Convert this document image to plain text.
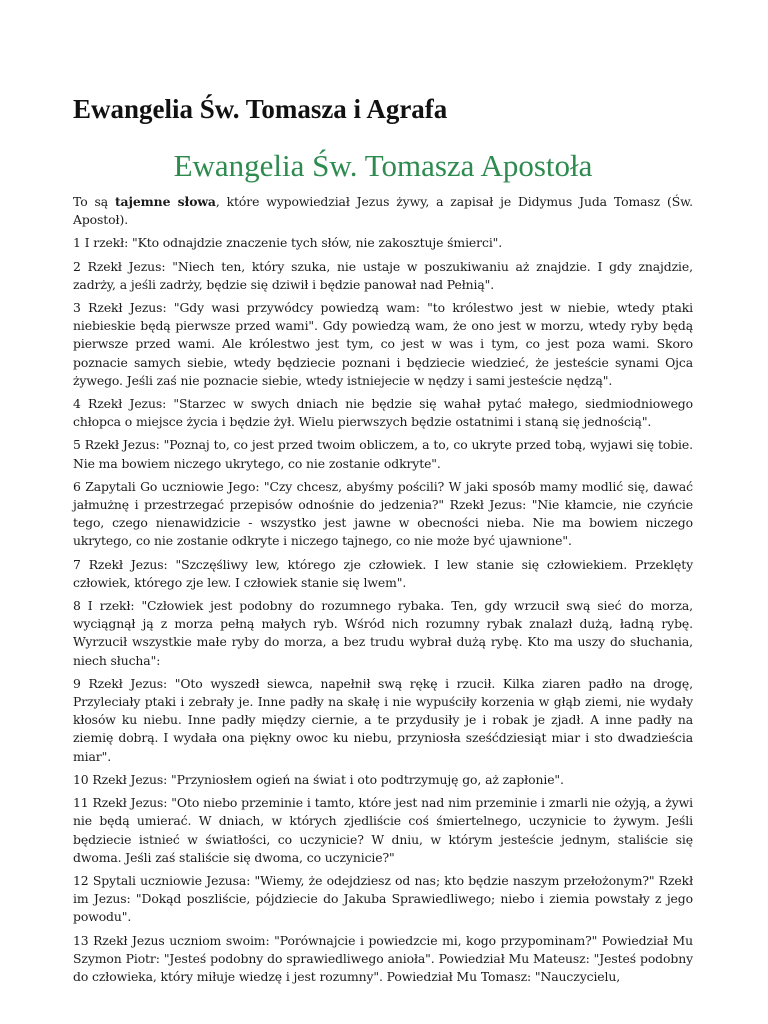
Ewangelia Św. Tomasza i Agrafa
Ewangelia Św. Tomasza Apostoła

To są tajemne słowa, które wypowiedział Jezus żywy, a zapisał je Didymus Juda Tomasz (Św. Apostoł).

1 I rzekł: "Kto odnajdzie znaczenie tych słów, nie zakosztuje śmierci".

2 Rzekł Jezus: "Niech ten, który szuka, nie ustaje w poszukiwaniu aż znajdzie. I gdy znajdzie, zadrży, a jeśli zadrży, będzie się dziwił i będzie panował nad Pełnią".

3 Rzekł Jezus: "Gdy wasi przywódcy powiedzą wam: "to królestwo jest w niebie, wtedy ptaki niebieskie będą pierwsze przed wami". Gdy powiedzą wam, że ono jest w morzu, wtedy ryby będą pierwsze przed wami. Ale królestwo jest tym, co jest w was i tym, co jest poza wami. Skoro poznacie samych siebie, wtedy będziecie poznani i będziecie wiedzieć, że jesteście synami Ojca żywego. Jeśli zaś nie poznacie siebie, wtedy istniejecie w nędzy i sami jesteście nędzą".

4 Rzekł Jezus: "Starzec w swych dniach nie będzie się wahał pytać małego, siedmiodniowego chłopca o miejsce życia i będzie żył. Wielu pierwszych będzie ostatnimi i staną się jednością".

5 Rzekł Jezus: "Poznaj to, co jest przed twoim obliczem, a to, co ukryte przed tobą, wyjawi się tobie. Nie ma bowiem niczego ukrytego, co nie zostanie odkryte".

6 Zapytali Go uczniowie Jego: "Czy chcesz, abyśmy pościli? W jaki sposób mamy modlić się, dawać jałmużnę i przestrzegać przepisów odnośnie do jedzenia?" Rzekł Jezus: "Nie kłamcie, nie czyńcie tego, czego nienawidzicie - wszystko jest jawne w obecności nieba. Nie ma bowiem niczego ukrytego, co nie zostanie odkryte i niczego tajnego, co nie może być ujawnione".

7 Rzekł Jezus: "Szczęśliwy lew, którego zje człowiek. I lew stanie się człowiekiem. Przeklęty człowiek, którego zje lew. I człowiek stanie się lwem".

8 I rzekł: "Człowiek jest podobny do rozumnego rybaka. Ten, gdy wrzucił swą sieć do morza, wyciągnął ją z morza pełną małych ryb. Wśród nich rozumny rybak znalazł dużą, ładną rybę. Wyrzucił wszystkie małe ryby do morza, a bez trudu wybrał dużą rybę. Kto ma uszy do słuchania, niech słucha":

9 Rzekł Jezus: "Oto wyszedł siewca, napełnił swą rękę i rzucił. Kilka ziaren padło na drogę, Przyleciały ptaki i zebrały je. Inne padły na skałę i nie wypuściły korzenia w głąb ziemi, nie wydały kłosów ku niebu. Inne padły między ciernie, a te przydusiły je i robak je zjadł. A inne padły na ziemię dobrą. I wydała ona piękny owoc ku niebu, przyniosła sześćdziesiąt miar i sto dwadzieścia miar".

10 Rzekł Jezus: "Przyniosłem ogień na świat i oto podtrzymuję go, aż zapłonie".

11 Rzekł Jezus: "Oto niebo przeminie i tamto, które jest nad nim przeminie i zmarli nie ożyją, a żywi nie będą umierać. W dniach, w których zjedliście coś śmiertelnego, uczynicie to żywym. Jeśli będziecie istnieć w światłości, co uczynicie? W dniu, w którym jesteście jednym, staliście się dwoma. Jeśli zaś staliście się dwoma, co uczynicie?"

12 Spytali uczniowie Jezusa: "Wiemy, że odejdziesz od nas; kto będzie naszym przełożonym?" Rzekł im Jezus: "Dokąd poszliście, pójdziecie do Jakuba Sprawiedliwego; niebo i ziemia powstały z jego powodu".

13 Rzekł Jezus uczniom swoim: "Porównajcie i powiedzcie mi, kogo przypominam?" Powiedział Mu Szymon Piotr: "Jesteś podobny do sprawiedliwego anioła". Powiedział Mu Mateusz: "Jesteś podobny do człowieka, który miłuje wiedzę i jest rozumny". Powiedział Mu Tomasz: "Nauczycielu,
